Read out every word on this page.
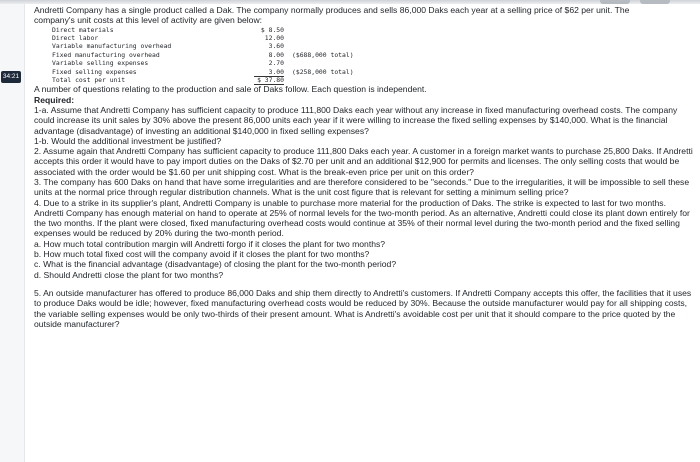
34:21

Andretti Company has a single product called a Dak. The company normally produces and sells 86,000 Daks each year at a selling price of $62 per unit. The company's unit costs at this level of activity are given below:

Direct materials	$ 8.50
Direct labor	12.00
Variable manufacturing overhead	3.60
Fixed manufacturing overhead	8.00 ($688,000 total)
Variable selling expenses	2.70
Fixed selling expenses	3.00 ($258,000 total)
Total cost per unit	$ 37.80

A number of questions relating to the production and sale of Daks follow. Each question is independent.

Required:

1-a. Assume that Andretti Company has sufficient capacity to produce 111,800 Daks each year without any increase in fixed manufacturing overhead costs. The company could increase its unit sales by 30% above the present 86,000 units each year if it were willing to increase the fixed selling expenses by $140,000. What is the financial advantage (disadvantage) of investing an additional $140,000 in fixed selling expenses?

1-b. Would the additional investment be justified?

2. Assume again that Andretti Company has sufficient capacity to produce 111,800 Daks each year. A customer in a foreign market wants to purchase 25,800 Daks. If Andretti accepts this order it would have to pay import duties on the Daks of $2.70 per unit and an additional $12,900 for permits and licenses. The only selling costs that would be associated with the order would be $1.60 per unit shipping cost. What is the break-even price per unit on this order?

3. The company has 600 Daks on hand that have some irregularities and are therefore considered to be "seconds." Due to the irregularities, it will be impossible to sell these units at the normal price through regular distribution channels. What is the unit cost figure that is relevant for setting a minimum selling price?

4. Due to a strike in its supplier's plant, Andretti Company is unable to purchase more material for the production of Daks. The strike is expected to last for two months. Andretti Company has enough material on hand to operate at 25% of normal levels for the two-month period. As an alternative, Andretti could close its plant down entirely for the two months. If the plant were closed, fixed manufacturing overhead costs would continue at 35% of their normal level during the two-month period and the fixed selling expenses would be reduced by 20% during the two-month period.

a. How much total contribution margin will Andretti forgo if it closes the plant for two months?

b. How much total fixed cost will the company avoid if it closes the plant for two months?

c. What is the financial advantage (disadvantage) of closing the plant for the two-month period?

d. Should Andretti close the plant for two months?

5. An outside manufacturer has offered to produce 86,000 Daks and ship them directly to Andretti's customers. If Andretti Company accepts this offer, the facilities that it uses to produce Daks would be idle; however, fixed manufacturing overhead costs would be reduced by 30%. Because the outside manufacturer would pay for all shipping costs, the variable selling expenses would be only two-thirds of their present amount. What is Andretti's avoidable cost per unit that it should compare to the price quoted by the outside manufacturer?
